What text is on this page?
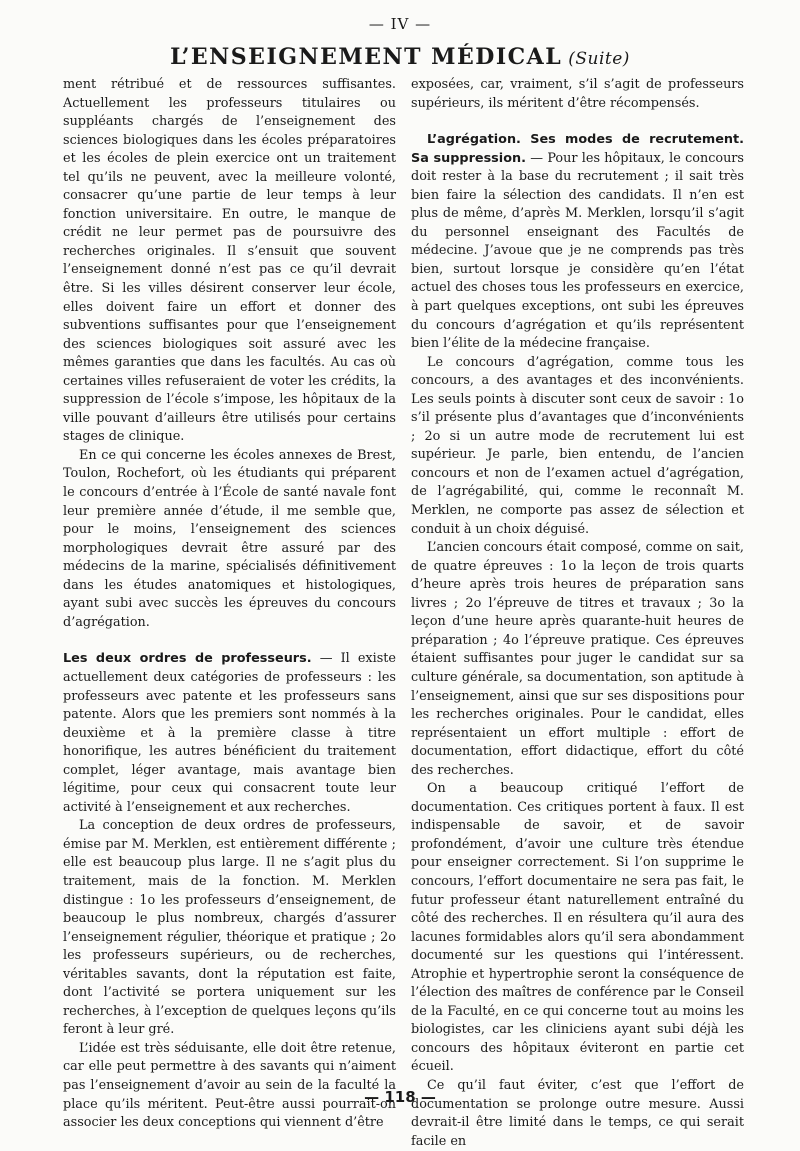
— IV —
L’ENSEIGNEMENT MÉDICAL (Suite)

ment rétribué et de ressources suffisantes. Actuellement les professeurs titulaires ou suppléants chargés de l’enseignement des sciences biologiques dans les écoles préparatoires et les écoles de plein exercice ont un traitement tel qu’ils ne peuvent, avec la meilleure volonté, consacrer qu’une partie de leur temps à leur fonction universitaire. En outre, le manque de crédit ne leur permet pas de poursuivre des recherches originales. Il s’ensuit que souvent l’enseignement donné n’est pas ce qu’il devrait être. Si les villes désirent conserver leur école, elles doivent faire un effort et donner des subventions suffisantes pour que l’enseignement des sciences biologiques soit assuré avec les mêmes garanties que dans les facultés. Au cas où certaines villes refuseraient de voter les crédits, la suppression de l’école s’impose, les hôpitaux de la ville pouvant d’ailleurs être utilisés pour certains stages de clinique.

En ce qui concerne les écoles annexes de Brest, Toulon, Rochefort, où les étudiants qui préparent le concours d’entrée à l’École de santé navale font leur première année d’étude, il me semble que, pour le moins, l’enseignement des sciences morphologiques devrait être assuré par des médecins de la marine, spécialisés définitivement dans les études anatomiques et histologiques, ayant subi avec succès les épreuves du concours d’agrégation.

Les deux ordres de professeurs. — Il existe actuellement deux catégories de professeurs : les professeurs avec patente et les professeurs sans patente. Alors que les premiers sont nommés à la deuxième et à la première classe à titre honorifique, les autres bénéficient du traitement complet, léger avantage, mais avantage bien légitime, pour ceux qui consacrent toute leur activité à l’enseignement et aux recherches.

La conception de deux ordres de professeurs, émise par M. Merklen, est entièrement différente ; elle est beaucoup plus large. Il ne s’agit plus du traitement, mais de la fonction. M. Merklen distingue : 1o les professeurs d’enseignement, de beaucoup le plus nombreux, chargés d’assurer l’enseignement régulier, théorique et pratique ; 2o les professeurs supérieurs, ou de recherches, véritables savants, dont la réputation est faite, dont l’activité se portera uniquement sur les recherches, à l’exception de quelques leçons qu’ils feront à leur gré.

L’idée est très séduisante, elle doit être retenue, car elle peut permettre à des savants qui n’aiment pas l’enseignement d’avoir au sein de la faculté la place qu’ils méritent. Peut-être aussi pourrait-on associer les deux conceptions qui viennent d’être

exposées, car, vraiment, s’il s’agit de professeurs supérieurs, ils méritent d’être récompensés.

L’agrégation. Ses modes de recrutement. Sa suppression. — Pour les hôpitaux, le concours doit rester à la base du recrutement ; il sait très bien faire la sélection des candidats. Il n’en est plus de même, d’après M. Merklen, lorsqu’il s’agit du personnel enseignant des Facultés de médecine. J’avoue que je ne comprends pas très bien, surtout lorsque je considère qu’en l’état actuel des choses tous les professeurs en exercice, à part quelques exceptions, ont subi les épreuves du concours d’agrégation et qu’ils représentent bien l’élite de la médecine française.

Le concours d’agrégation, comme tous les concours, a des avantages et des inconvénients. Les seuls points à discuter sont ceux de savoir : 1o s’il présente plus d’avantages que d’inconvénients ; 2o si un autre mode de recrutement lui est supérieur. Je parle, bien entendu, de l’ancien concours et non de l’examen actuel d’agrégation, de l’agrégabilité, qui, comme le reconnaît M. Merklen, ne comporte pas assez de sélection et conduit à un choix déguisé.

L’ancien concours était composé, comme on sait, de quatre épreuves : 1o la leçon de trois quarts d’heure après trois heures de préparation sans livres ; 2o l’épreuve de titres et travaux ; 3o la leçon d’une heure après quarante-huit heures de préparation ; 4o l’épreuve pratique. Ces épreuves étaient suffisantes pour juger le candidat sur sa culture générale, sa documentation, son aptitude à l’enseignement, ainsi que sur ses dispositions pour les recherches originales. Pour le candidat, elles représentaient un effort multiple : effort de documentation, effort didactique, effort du côté des recherches.

On a beaucoup critiqué l’effort de documentation. Ces critiques portent à faux. Il est indispensable de savoir, et de savoir profondément, d’avoir une culture très étendue pour enseigner correctement. Si l’on supprime le concours, l’effort documentaire ne sera pas fait, le futur professeur étant naturellement entraîné du côté des recherches. Il en résultera qu’il aura des lacunes formidables alors qu’il sera abondamment documenté sur les questions qui l’intéressent. Atrophie et hypertrophie seront la conséquence de l’élection des maîtres de conférence par le Conseil de la Faculté, en ce qui concerne tout au moins les biologistes, car les cliniciens ayant subi déjà les concours des hôpitaux éviteront en partie cet écueil.

Ce qu’il faut éviter, c’est que l’effort de documentation se prolonge outre mesure. Aussi devrait-il être limité dans le temps, ce qui serait facile en

— 118 —
